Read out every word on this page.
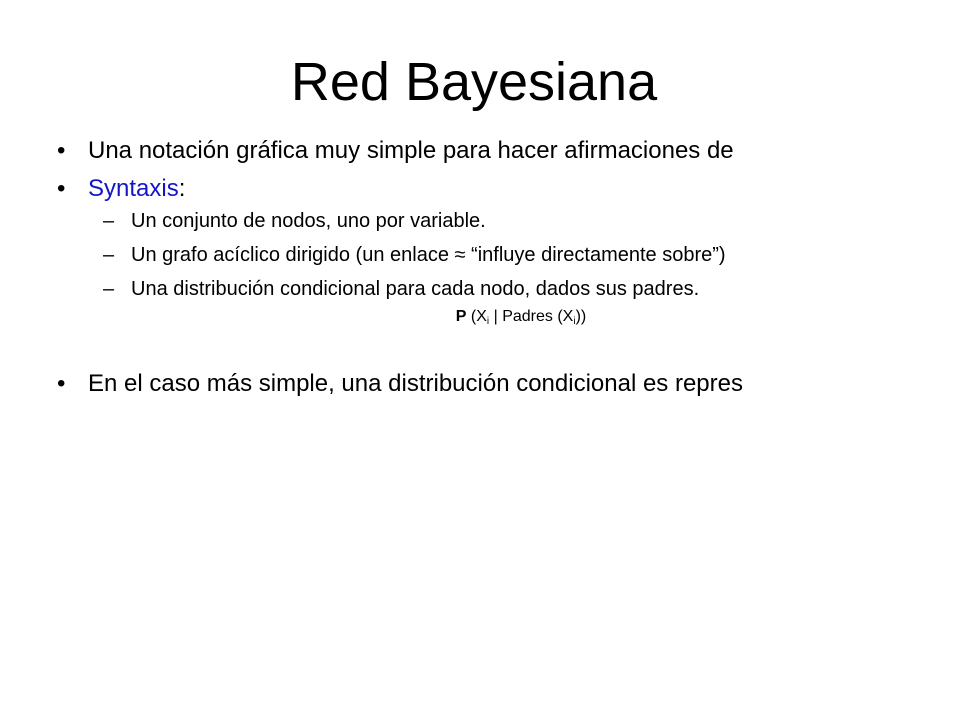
Red Bayesiana
• Una notación gráfica muy simple para hacer afirmaciones de
• Syntaxis:
– Un conjunto de nodos, uno por variable.
– Un grafo acíclico dirigido (un enlace ≈ “influye directamente sobre”)
– Una distribución condicional para cada nodo, dados sus padres.
P ($X_i$ | Padres $(X_i)$)
• En el caso más simple, una distribución condicional es repres
